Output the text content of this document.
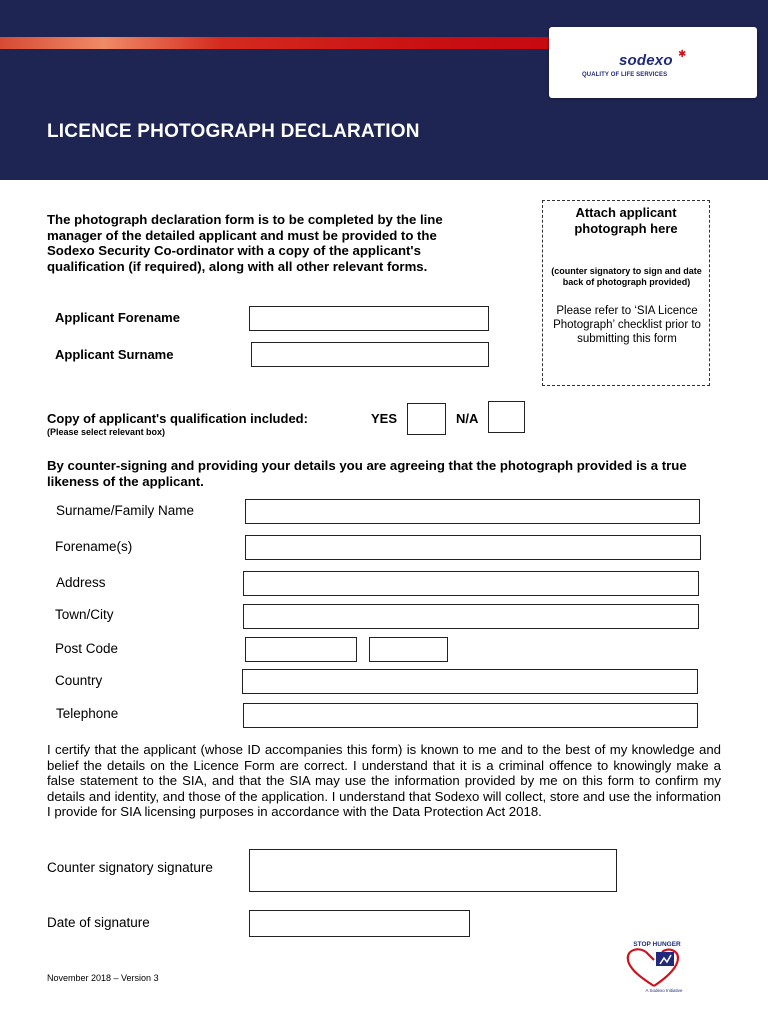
sodexo ✱
QUALITY OF LIFE SERVICES
LICENCE PHOTOGRAPH DECLARATION
The photograph declaration form is to be completed by the line manager of the detailed applicant and must be provided to the Sodexo Security Co-ordinator with a copy of the applicant's qualification (if required), along with all other relevant forms.
Attach applicant photograph here
(counter signatory to sign and date back of photograph provided)
Please refer to ‘SIA Licence Photograph’ checklist prior to submitting this form
Applicant Forename
Applicant Surname
Copy of applicant's qualification included:
(Please select relevant box)
YES	N/A
By counter-signing and providing your details you are agreeing that the photograph provided is a true likeness of the applicant.
Surname/Family Name
Forename(s)
Address
Town/City
Post Code
Country
Telephone
I certify that the applicant (whose ID accompanies this form) is known to me and to the best of my knowledge and belief the details on the Licence Form are correct. I understand that it is a criminal offence to knowingly make a false statement to the SIA, and that the SIA may use the information provided by me on this form to confirm my details and identity, and those of the application. I understand that Sodexo will collect, store and use the information I provide for SIA licensing purposes in accordance with the Data Protection Act 2018.
Counter signatory signature
Date of signature
November 2018 – Version 3
STOP HUNGER
A Sodexo Initiative
